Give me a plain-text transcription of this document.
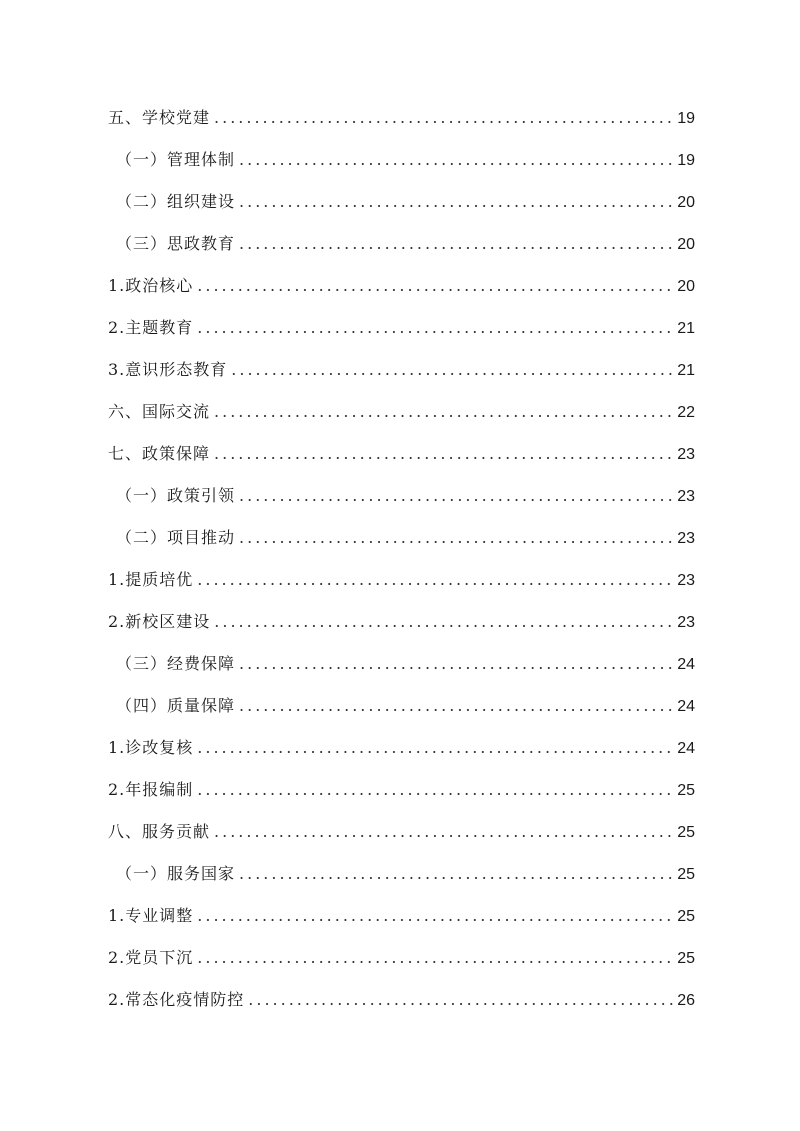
五、学校党建 .....	19
（一）管理体制 .....	19
（二）组织建设 .....	20
（三）思政教育 .....	20
1.政治核心 .....	20
2.主题教育 .....	21
3.意识形态教育 .....	21
六、国际交流 .....	22
七、政策保障 .....	23
（一）政策引领 .....	23
（二）项目推动 .....	23
1.提质培优 .....	23
2.新校区建设 .....	23
（三）经费保障 .....	24
（四）质量保障 .....	24
1.诊改复核 .....	24
2.年报编制 .....	25
八、服务贡献 .....	25
（一）服务国家 .....	25
1.专业调整 .....	25
2.党员下沉 .....	25
2.常态化疫情防控 .....	26
